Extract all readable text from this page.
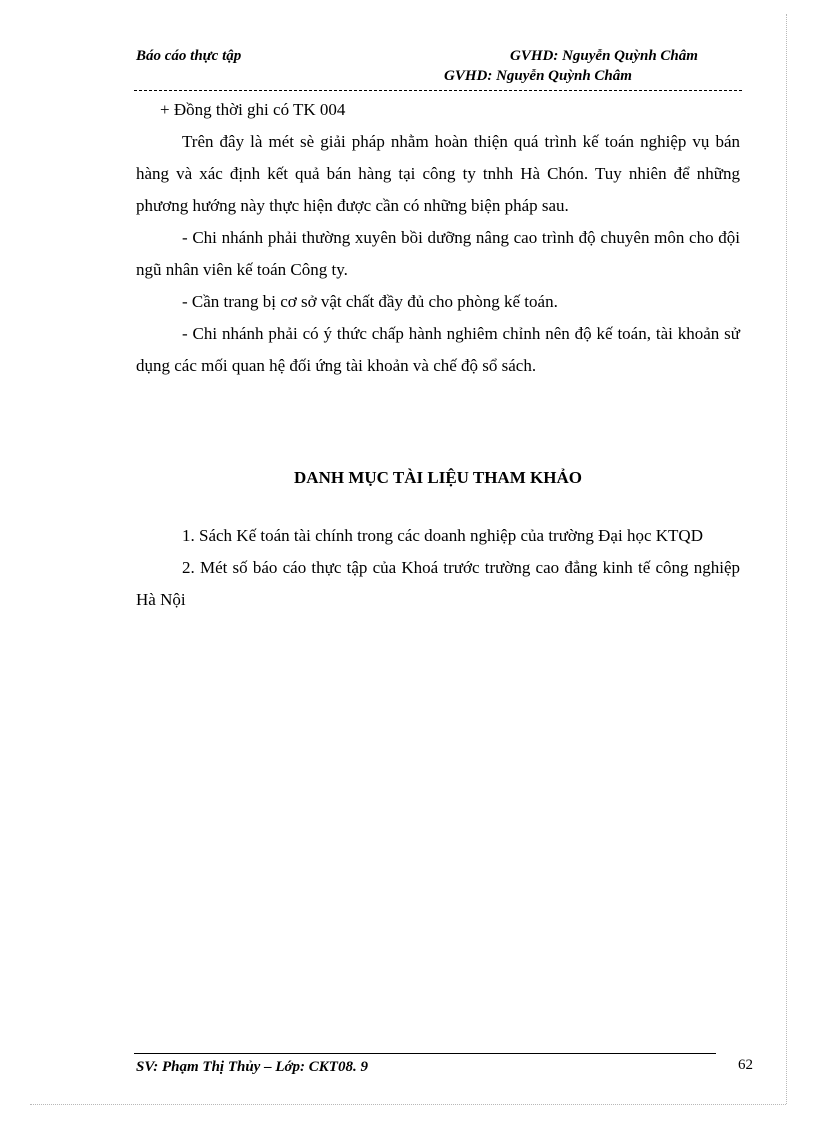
Báo cáo thực tập	GVHD: Nguyễn Quỳnh Châm
GVHD: Nguyễn Quỳnh Châm

+ Đồng thời ghi có TK 004

Trên đây là mét sè giải pháp nhằm hoàn thiện quá trình kế toán nghiệp vụ bán hàng và xác định kết quả bán hàng tại công ty tnhh Hà Chón. Tuy nhiên để những phương hướng này thực hiện được cần có những biện pháp sau.

- Chi nhánh phải thường xuyên bồi dưỡng nâng cao trình độ chuyên môn cho đội ngũ nhân viên kế toán Công ty.

- Cần trang bị cơ sở vật chất đầy đủ cho phòng kế toán.

- Chi nhánh phải có ý thức chấp hành nghiêm chỉnh nên độ kế toán, tài khoản sử dụng các mối quan hệ đối ứng tài khoản và chế độ sổ sách.

DANH MỤC TÀI LIỆU THAM KHẢO

1. Sách Kế toán tài chính trong các doanh nghiệp của trường Đại học KTQD

2. Mét số báo cáo thực tập của Khoá trước trường cao đẳng kinh tế công nghiệp Hà Nội

SV: Phạm Thị Thủy – Lớp: CKT08. 9	62
